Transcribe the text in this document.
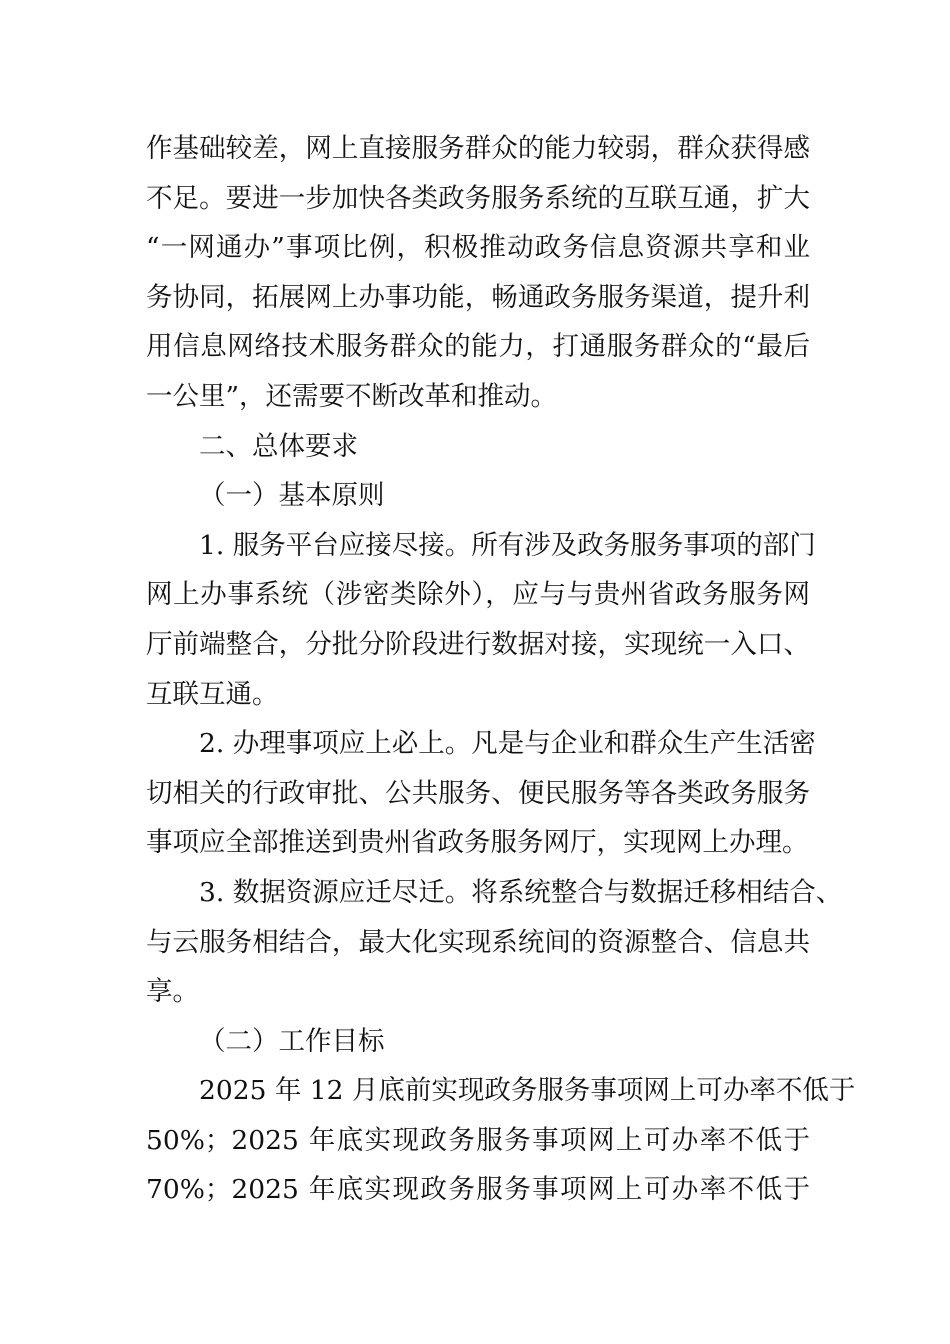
作基础较差，网上直接服务群众的能力较弱，群众获得感
不足。要进一步加快各类政务服务系统的互联互通，扩大
“一网通办”事项比例，积极推动政务信息资源共享和业
务协同，拓展网上办事功能，畅通政务服务渠道，提升利
用信息网络技术服务群众的能力，打通服务群众的“最后
一公里”，还需要不断改革和推动。
二、总体要求
（一）基本原则
1. 服务平台应接尽接。所有涉及政务服务事项的部门
网上办事系统（涉密类除外），应与与贵州省政务服务网
厅前端整合，分批分阶段进行数据对接，实现统一入口、
互联互通。
2. 办理事项应上必上。凡是与企业和群众生产生活密
切相关的行政审批、公共服务、便民服务等各类政务服务
事项应全部推送到贵州省政务服务网厅，实现网上办理。
3. 数据资源应迁尽迁。将系统整合与数据迁移相结合、
与云服务相结合，最大化实现系统间的资源整合、信息共
享。
（二）工作目标
2025 年 12 月底前实现政务服务事项网上可办率不低于
50%；2025 年底实现政务服务事项网上可办率不低于
70%；2025 年底实现政务服务事项网上可办率不低于
